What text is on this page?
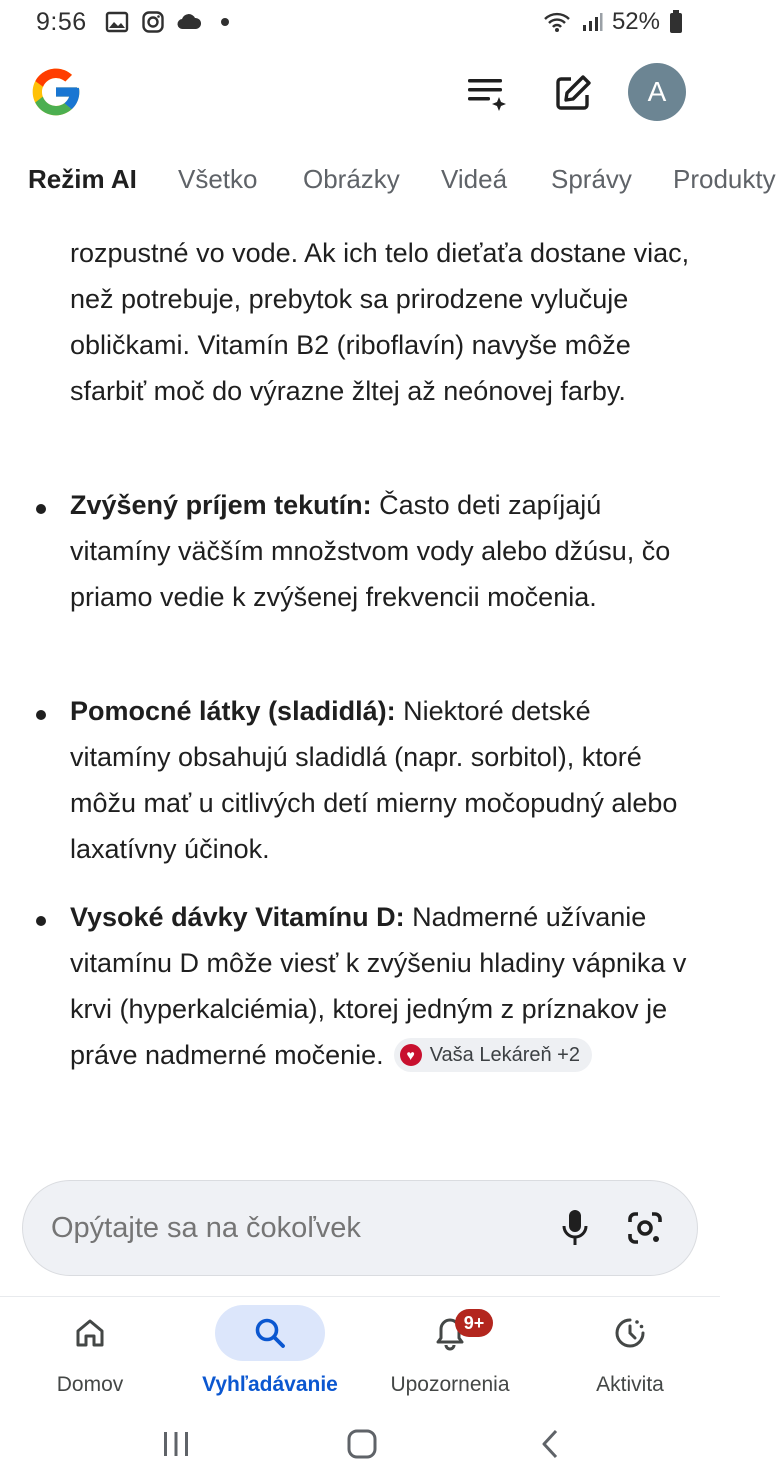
9:56	52%
A
Režim AI Všetko Obrázky Videá Správy Produkty

rozpustné vo vode. Ak ich telo dieťaťa dostane viac, než potrebuje, prebytok sa prirodzene vylučuje obličkami. Vitamín B2 (riboflavín) navyše môže sfarbiť moč do výrazne žltej až neónovej farby.

Zvýšený príjem tekutín: Často deti zapíjajú vitamíny väčším množstvom vody alebo džúsu, čo priamo vedie k zvýšenej frekvencii močenia.

Pomocné látky (sladidlá): Niektoré detské vitamíny obsahujú sladidlá (napr. sorbitol), ktoré môžu mať u citlivých detí mierny močopudný alebo laxatívny účinok.

Vysoké dávky Vitamínu D: Nadmerné užívanie vitamínu D môže viesť k zvýšeniu hladiny vápnika v krvi (hyperkalciémia), ktorej jedným z príznakov je práve nadmerné močenie.	♥ Vaša Lekáreň +2

Opýtajte sa na čokoľvek
Domov	Vyhľadávanie
9+
Upozornenia	Aktivita
